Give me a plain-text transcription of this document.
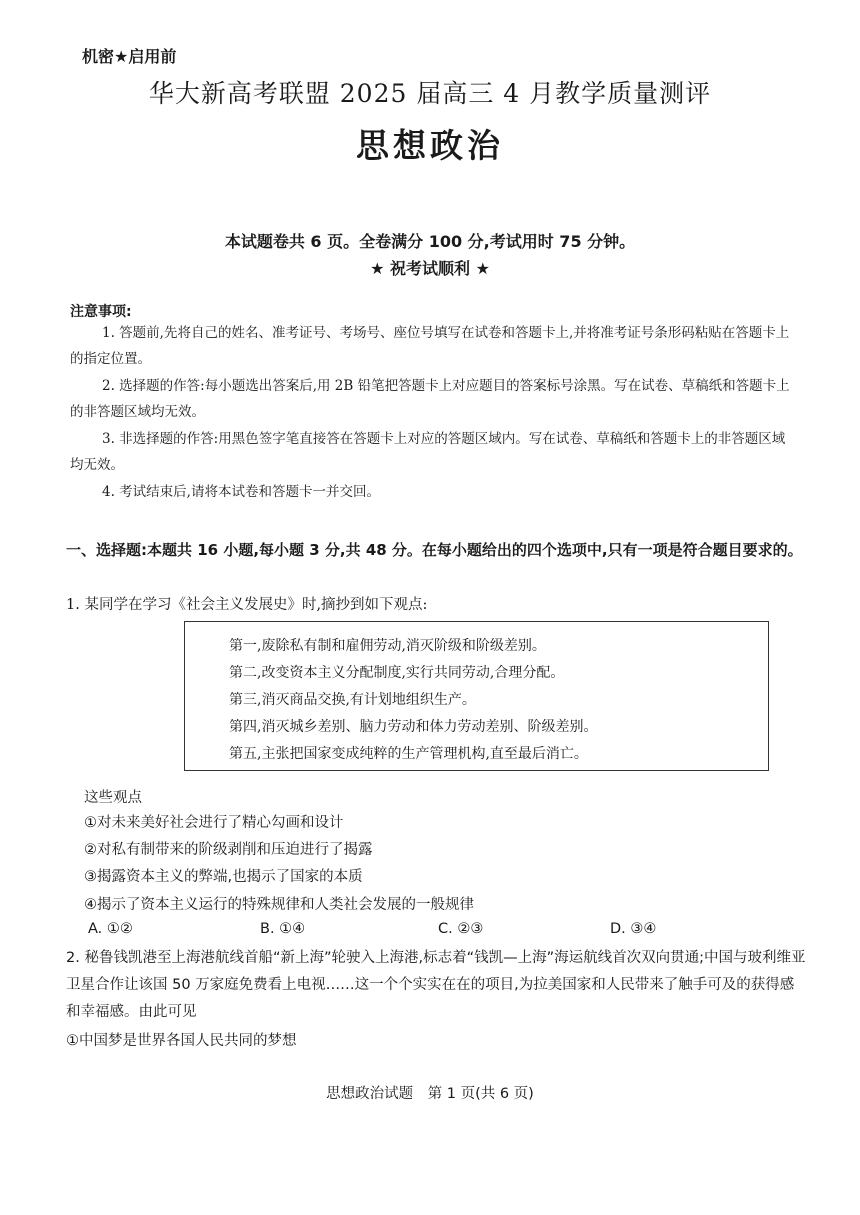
机密★启用前
华大新高考联盟 2025 届高三 4 月教学质量测评
思想政治
本试题卷共 6 页。全卷满分 100 分,考试用时 75 分钟。
★ 祝考试顺利 ★
注意事项:
1. 答题前,先将自己的姓名、准考证号、考场号、座位号填写在试卷和答题卡上,并将准考证号条形码粘贴在答题卡上的指定位置。
2. 选择题的作答:每小题选出答案后,用 2B 铅笔把答题卡上对应题目的答案标号涂黑。写在试卷、草稿纸和答题卡上的非答题区域均无效。
3. 非选择题的作答:用黑色签字笔直接答在答题卡上对应的答题区域内。写在试卷、草稿纸和答题卡上的非答题区域均无效。
4. 考试结束后,请将本试卷和答题卡一并交回。
一、选择题:本题共 16 小题,每小题 3 分,共 48 分。在每小题给出的四个选项中,只有一项是符合题目要求的。
1. 某同学在学习《社会主义发展史》时,摘抄到如下观点:
第一,废除私有制和雇佣劳动,消灭阶级和阶级差别。
第二,改变资本主义分配制度,实行共同劳动,合理分配。
第三,消灭商品交换,有计划地组织生产。
第四,消灭城乡差别、脑力劳动和体力劳动差别、阶级差别。
第五,主张把国家变成纯粹的生产管理机构,直至最后消亡。
这些观点
①对未来美好社会进行了精心勾画和设计
②对私有制带来的阶级剥削和压迫进行了揭露
③揭露资本主义的弊端,也揭示了国家的本质
④揭示了资本主义运行的特殊规律和人类社会发展的一般规律
A. ①②	B. ①④	C. ②③	D. ③④
2. 秘鲁钱凯港至上海港航线首船“新上海”轮驶入上海港,标志着“钱凯—上海”海运航线首次双向贯通;中国与玻利维亚卫星合作让该国 50 万家庭免费看上电视……这一个个实实在在的项目,为拉美国家和人民带来了触手可及的获得感和幸福感。由此可见
①中国梦是世界各国人民共同的梦想
思想政治试题　第 1 页(共 6 页)
